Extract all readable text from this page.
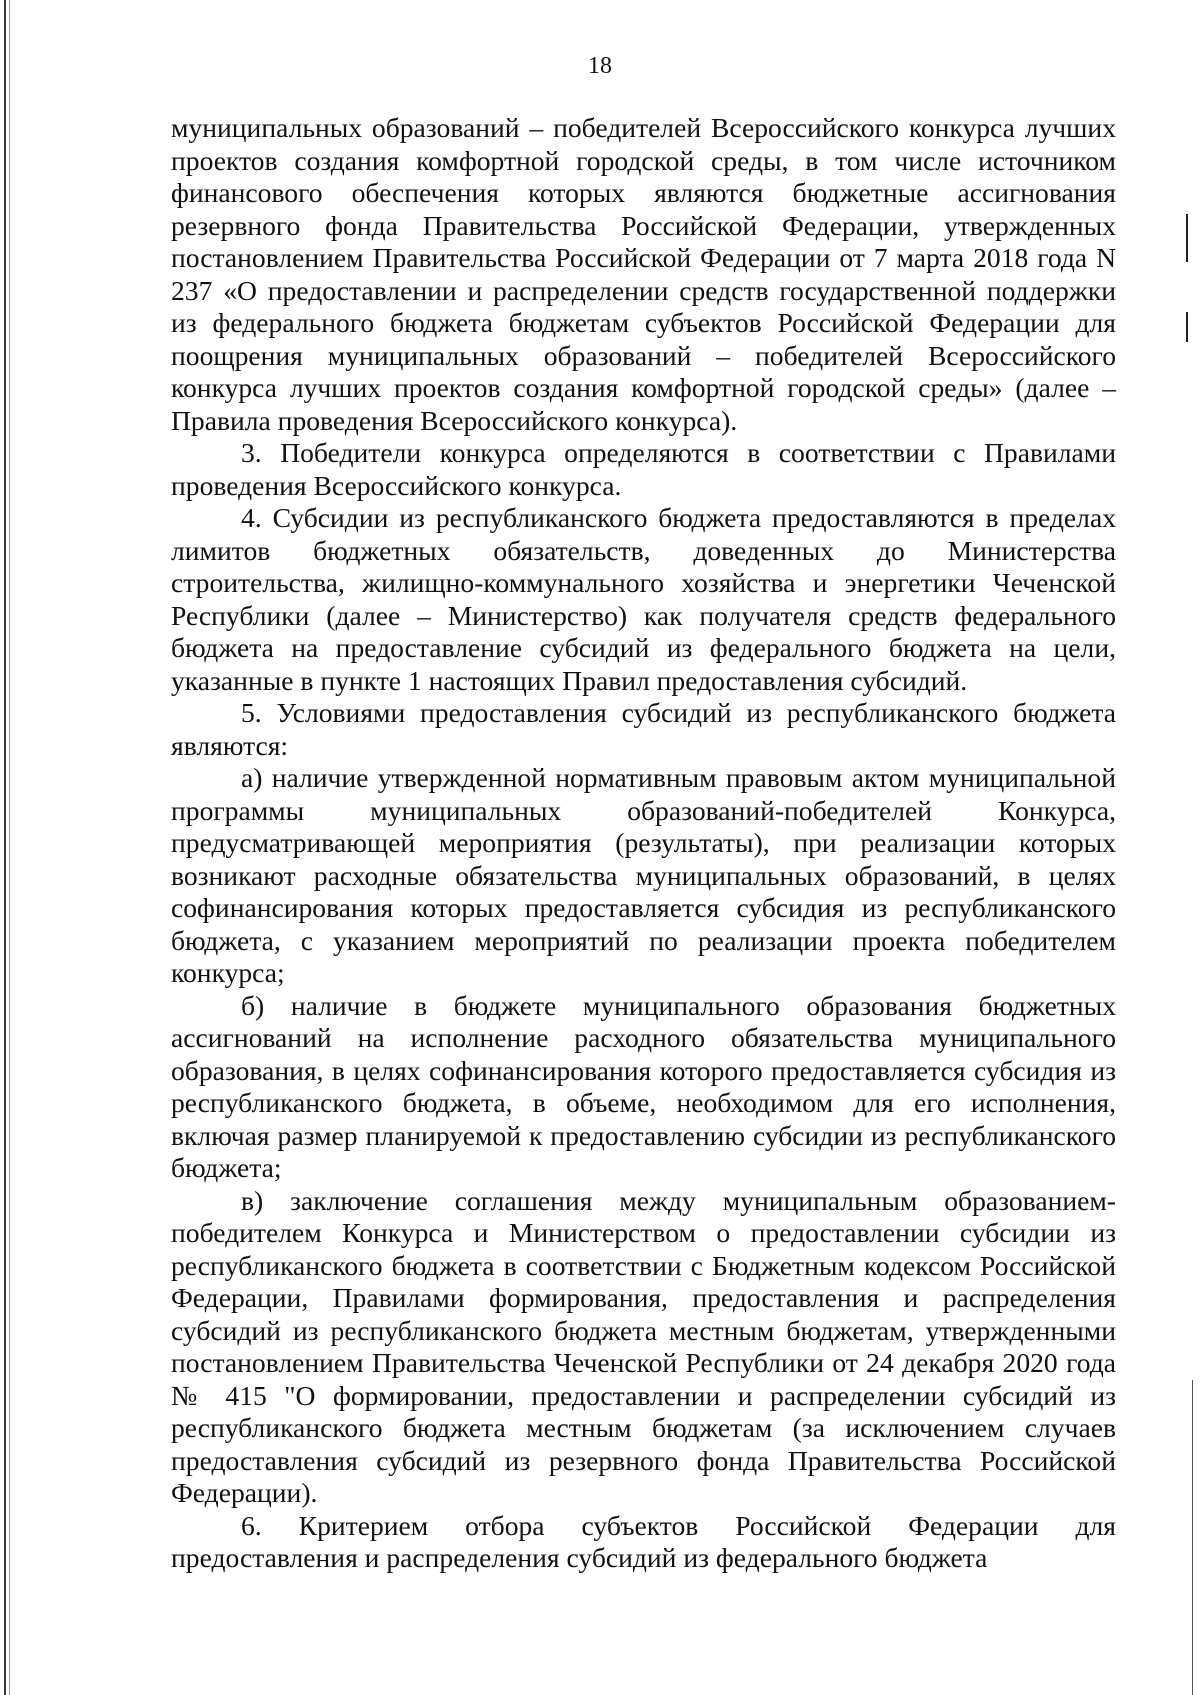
18

муниципальных образований – победителей Всероссийского конкурса лучших проектов создания комфортной городской среды, в том числе источником финансового обеспечения которых являются бюджетные ассигнования резервного фонда Правительства Российской Федерации, утвержденных постановлением Правительства Российской Федерации от 7 марта 2018 года N 237 «О предоставлении и распределении средств государственной поддержки из федерального бюджета бюджетам субъектов Российской Федерации для поощрения муниципальных образований – победителей Всероссийского конкурса лучших проектов создания комфортной городской среды» (далее – Правила проведения Всероссийского конкурса).

3. Победители конкурса определяются в соответствии с Правилами проведения Всероссийского конкурса.

4. Субсидии из республиканского бюджета предоставляются в пределах лимитов бюджетных обязательств, доведенных до Министерства строительства, жилищно-коммунального хозяйства и энергетики Чеченской Республики (далее – Министерство) как получателя средств федерального бюджета на предоставление субсидий из федерального бюджета на цели, указанные в пункте 1 настоящих Правил предоставления субсидий.

5. Условиями предоставления субсидий из республиканского бюджета являются:

а) наличие утвержденной нормативным правовым актом муниципальной программы муниципальных образований-победителей Конкурса, предусматривающей мероприятия (результаты), при реализации которых возникают расходные обязательства муниципальных образований, в целях софинансирования которых предоставляется субсидия из республиканского бюджета, с указанием мероприятий по реализации проекта победителем конкурса;

б) наличие в бюджете муниципального образования бюджетных ассигнований на исполнение расходного обязательства муниципального образования, в целях софинансирования которого предоставляется субсидия из республиканского бюджета, в объеме, необходимом для его исполнения, включая размер планируемой к предоставлению субсидии из республиканского бюджета;

в) заключение соглашения между муниципальным образованием-победителем Конкурса и Министерством о предоставлении субсидии из республиканского бюджета в соответствии с Бюджетным кодексом Российской Федерации, Правилами формирования, предоставления и распределения субсидий из республиканского бюджета местным бюджетам, утвержденными постановлением Правительства Чеченской Республики от 24 декабря 2020 года № 415 "О формировании, предоставлении и распределении субсидий из республиканского бюджета местным бюджетам (за исключением случаев предоставления субсидий из резервного фонда Правительства Российской Федерации).

6. Критерием отбора субъектов Российской Федерации для предоставления и распределения субсидий из федерального бюджета
